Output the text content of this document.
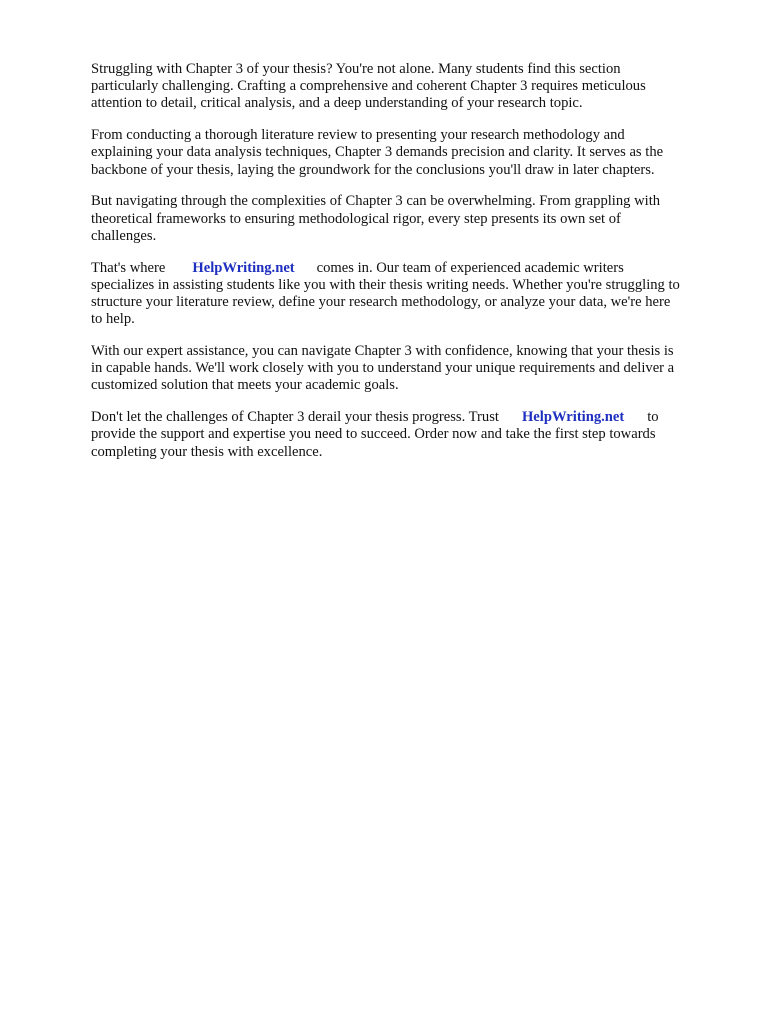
Struggling with Chapter 3 of your thesis? You're not alone. Many students find this section
particularly challenging. Crafting a comprehensive and coherent Chapter 3 requires meticulous
attention to detail, critical analysis, and a deep understanding of your research topic.

From conducting a thorough literature review to presenting your research methodology and
explaining your data analysis techniques, Chapter 3 demands precision and clarity. It serves as the
backbone of your thesis, laying the groundwork for the conclusions you'll draw in later chapters.

But navigating through the complexities of Chapter 3 can be overwhelming. From grappling with
theoretical frameworks to ensuring methodological rigor, every step presents its own set of
challenges.

That's where HelpWriting.net comes in. Our team of experienced academic writers
specializes in assisting students like you with their thesis writing needs. Whether you're struggling to
structure your literature review, define your research methodology, or analyze your data, we're here
to help.

With our expert assistance, you can navigate Chapter 3 with confidence, knowing that your thesis is
in capable hands. We'll work closely with you to understand your unique requirements and deliver a
customized solution that meets your academic goals.

Don't let the challenges of Chapter 3 derail your thesis progress. Trust HelpWriting.net to
provide the support and expertise you need to succeed. Order now and take the first step towards
completing your thesis with excellence.
